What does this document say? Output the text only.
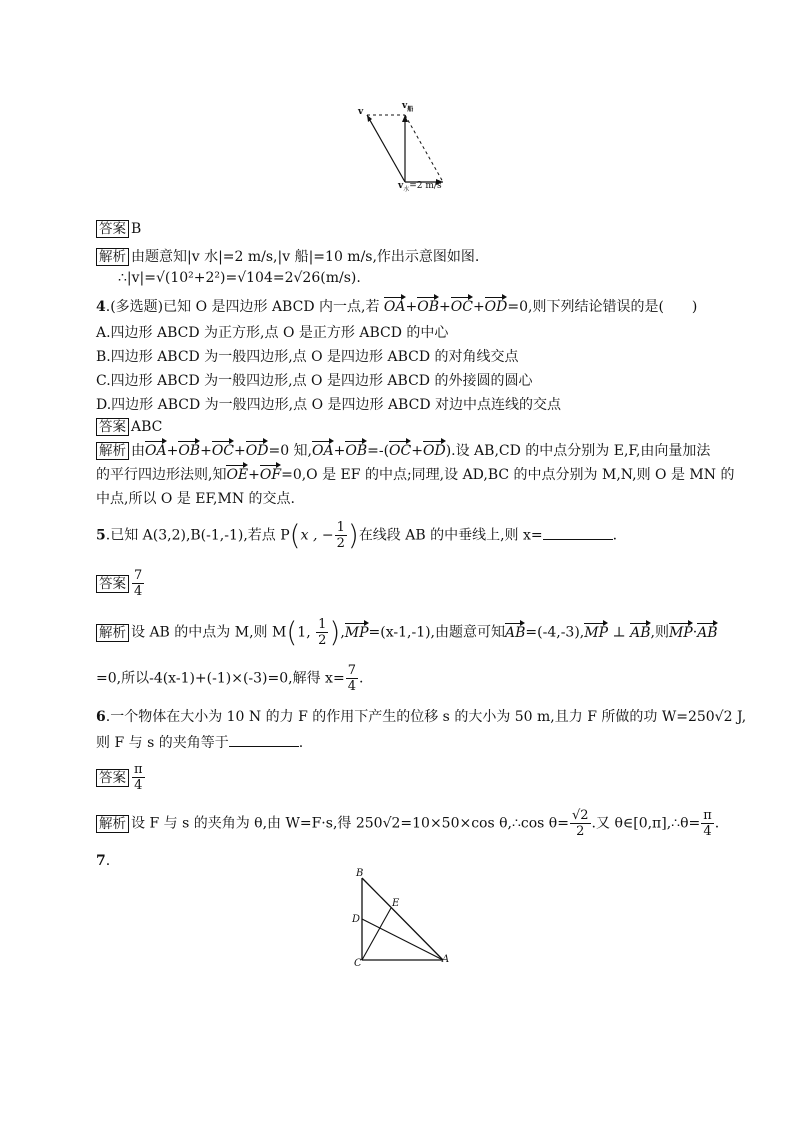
v
$v_船$
$v_水=2$ m/s
答案 B
解析 由题意知|v 水|=2 m/s,|v 船|=10 m/s,作出示意图如图.
∴|v|=√(10²+2²)=√104=2√26(m/s).
4.(多选题)已知 O 是四边形 ABCD 内一点,若 OA+OB+OC+OD=0,则下列结论错误的是(　　)
A.四边形 ABCD 为正方形,点 O 是正方形 ABCD 的中心
B.四边形 ABCD 为一般四边形,点 O 是四边形 ABCD 的对角线交点
C.四边形 ABCD 为一般四边形,点 O 是四边形 ABCD 的外接圆的圆心
D.四边形 ABCD 为一般四边形,点 O 是四边形 ABCD 对边中点连线的交点
答案 ABC
解析 由OA+OB+OC+OD=0 知,OA+OB=-(OC+OD).设 AB,CD 的中点分别为 E,F,由向量加法
的平行四边形法则,知OE+OF=0,O 是 EF 的中点;同理,设 AD,BC 的中点分别为 M,N,则 O 是 MN 的
中点,所以 O 是 EF,MN 的交点.
5.已知 A(3,2),B(-1,-1),若点 P(x , − $\frac{1}{2}$ )在线段 AB 的中垂线上,则 x=	.
答案 $\frac{7}{4}$
解析 设 AB 的中点为 M,则 M(1, $\frac{1}{2} ),MP=(x-1,-1)$,由题意可知AB=(-4,-3),MP ⊥ AB,则MP·AB
=0,所以-4(x-1)+(-1)×(-3)=0,解得 $x= \frac{7}{4}$ .
6.一个物体在大小为 10 N 的力 F 的作用下产生的位移 s 的大小为 50 m,且力 F 所做的功 W=250√2 J,
则 F 与 s 的夹角等于	.
答案 $\frac{\pi}{4}$
解析 设 F 与 s 的夹角为 θ,由 W=F·s,得 250√2=10×50×cos θ,∴cos $\theta= \frac{√2}{2}$ .又 θ∈[0,π],∴θ= $\frac{\pi}{4}$ .
7.
B
E
D
C	A
